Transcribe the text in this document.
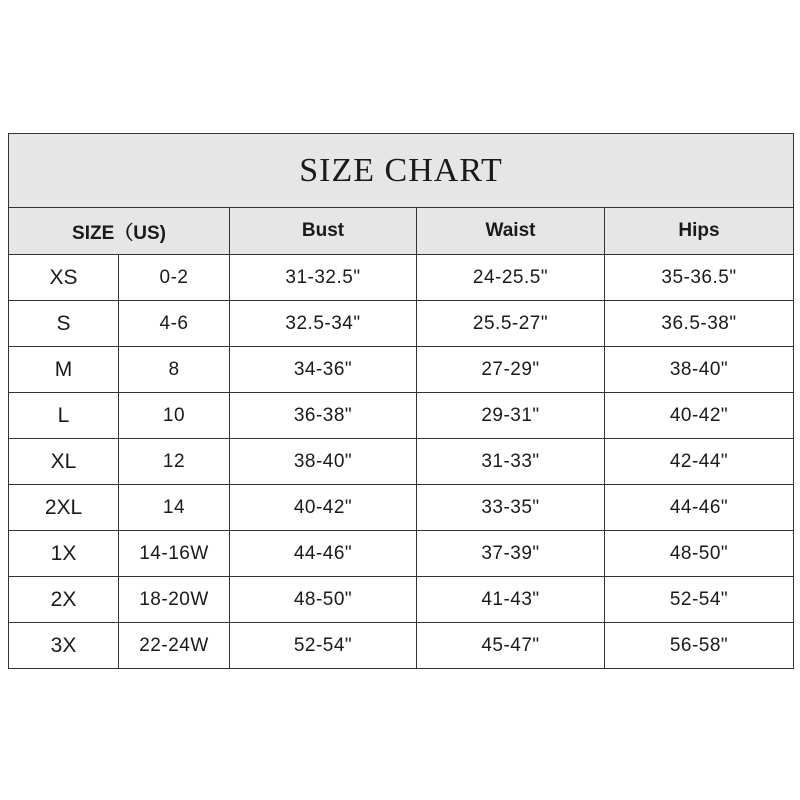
SIZE CHART				
SIZE（US)		Bust	Waist	Hips
XS	0-2	31-32.5"	24-25.5"	35-36.5"
S	4-6	32.5-34"	25.5-27"	36.5-38"
M	8	34-36"	27-29"	38-40"
L	10	36-38"	29-31"	40-42"
XL	12	38-40"	31-33"	42-44"
2XL	14	40-42"	33-35"	44-46"
1X	14-16W	44-46"	37-39"	48-50"
2X	18-20W	48-50"	41-43"	52-54"
3X	22-24W	52-54"	45-47"	56-58"
